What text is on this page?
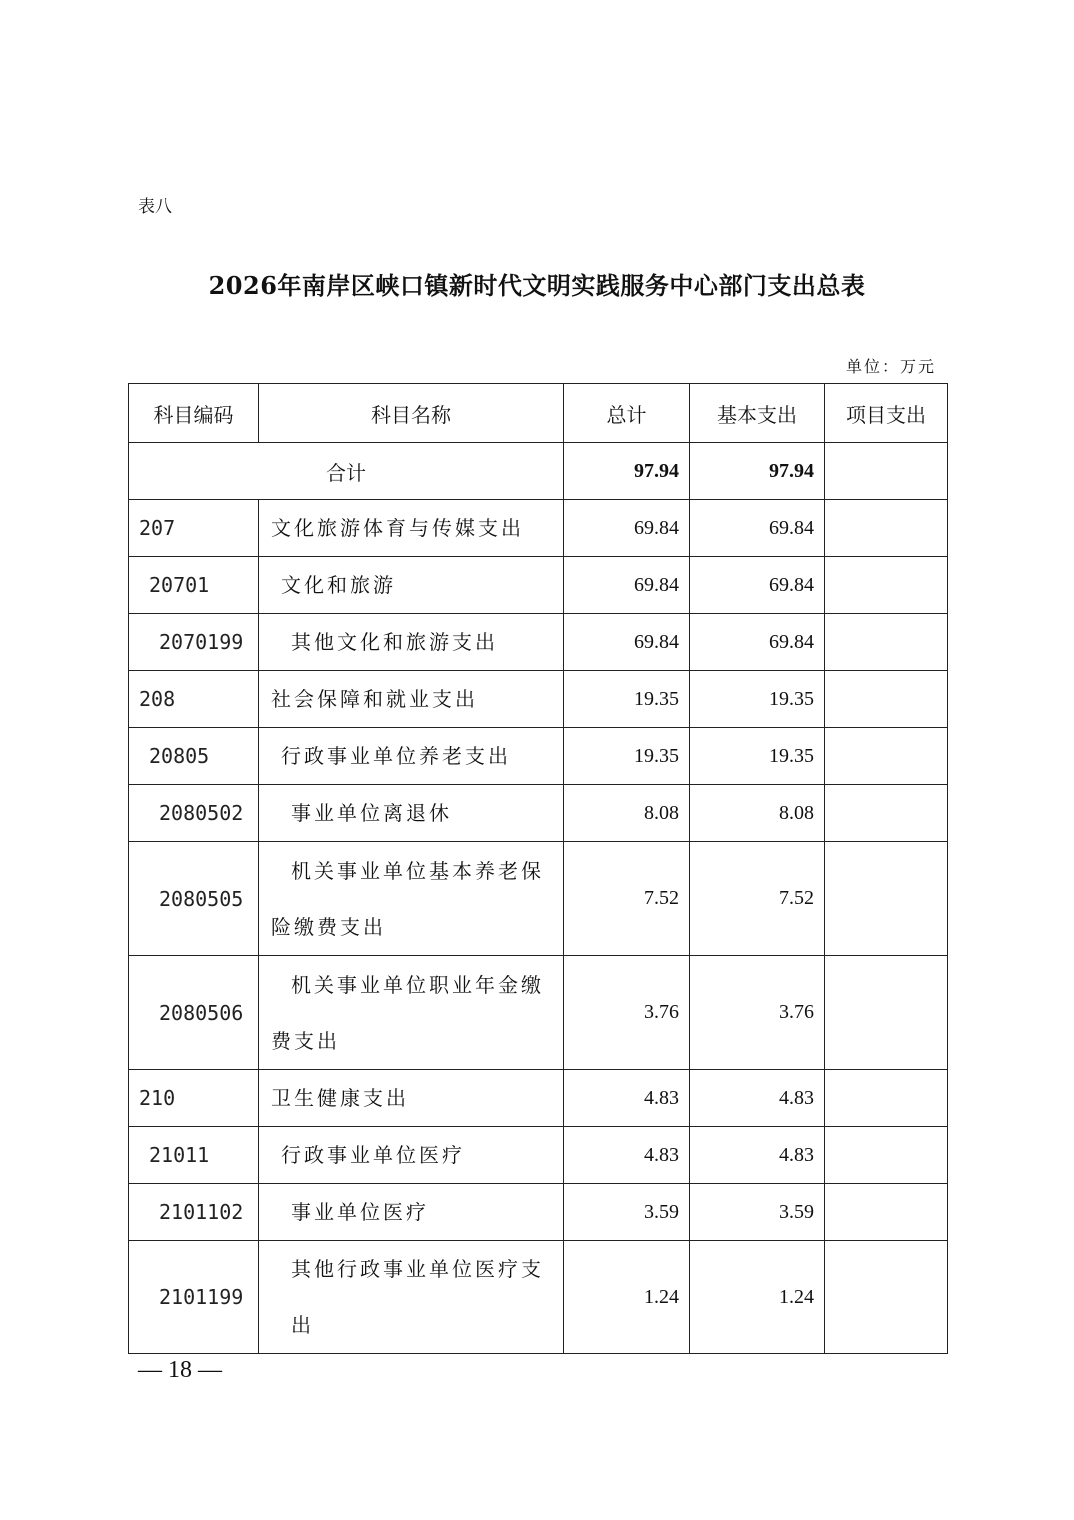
表八
2026年南岸区峡口镇新时代文明实践服务中心部门支出总表
单位：万元
科目编码	科目名称	总计	基本支出	项目支出
合计		97.94	97.94	
207	文化旅游体育与传媒支出	69.84	69.84	
20701	文化和旅游	69.84	69.84	
2070199	其他文化和旅游支出	69.84	69.84	
208	社会保障和就业支出	19.35	19.35	
20805	行政事业单位养老支出	19.35	19.35	
2080502	事业单位离退休	8.08	8.08	
2080505	机关事业单位基本养老保险缴费支出	7.52	7.52	
2080506	机关事业单位职业年金缴费支出	3.76	3.76	
210	卫生健康支出	4.83	4.83	
21011	行政事业单位医疗	4.83	4.83	
2101102	事业单位医疗	3.59	3.59	
2101199	其他行政事业单位医疗支出	1.24	1.24	
— 18 —
